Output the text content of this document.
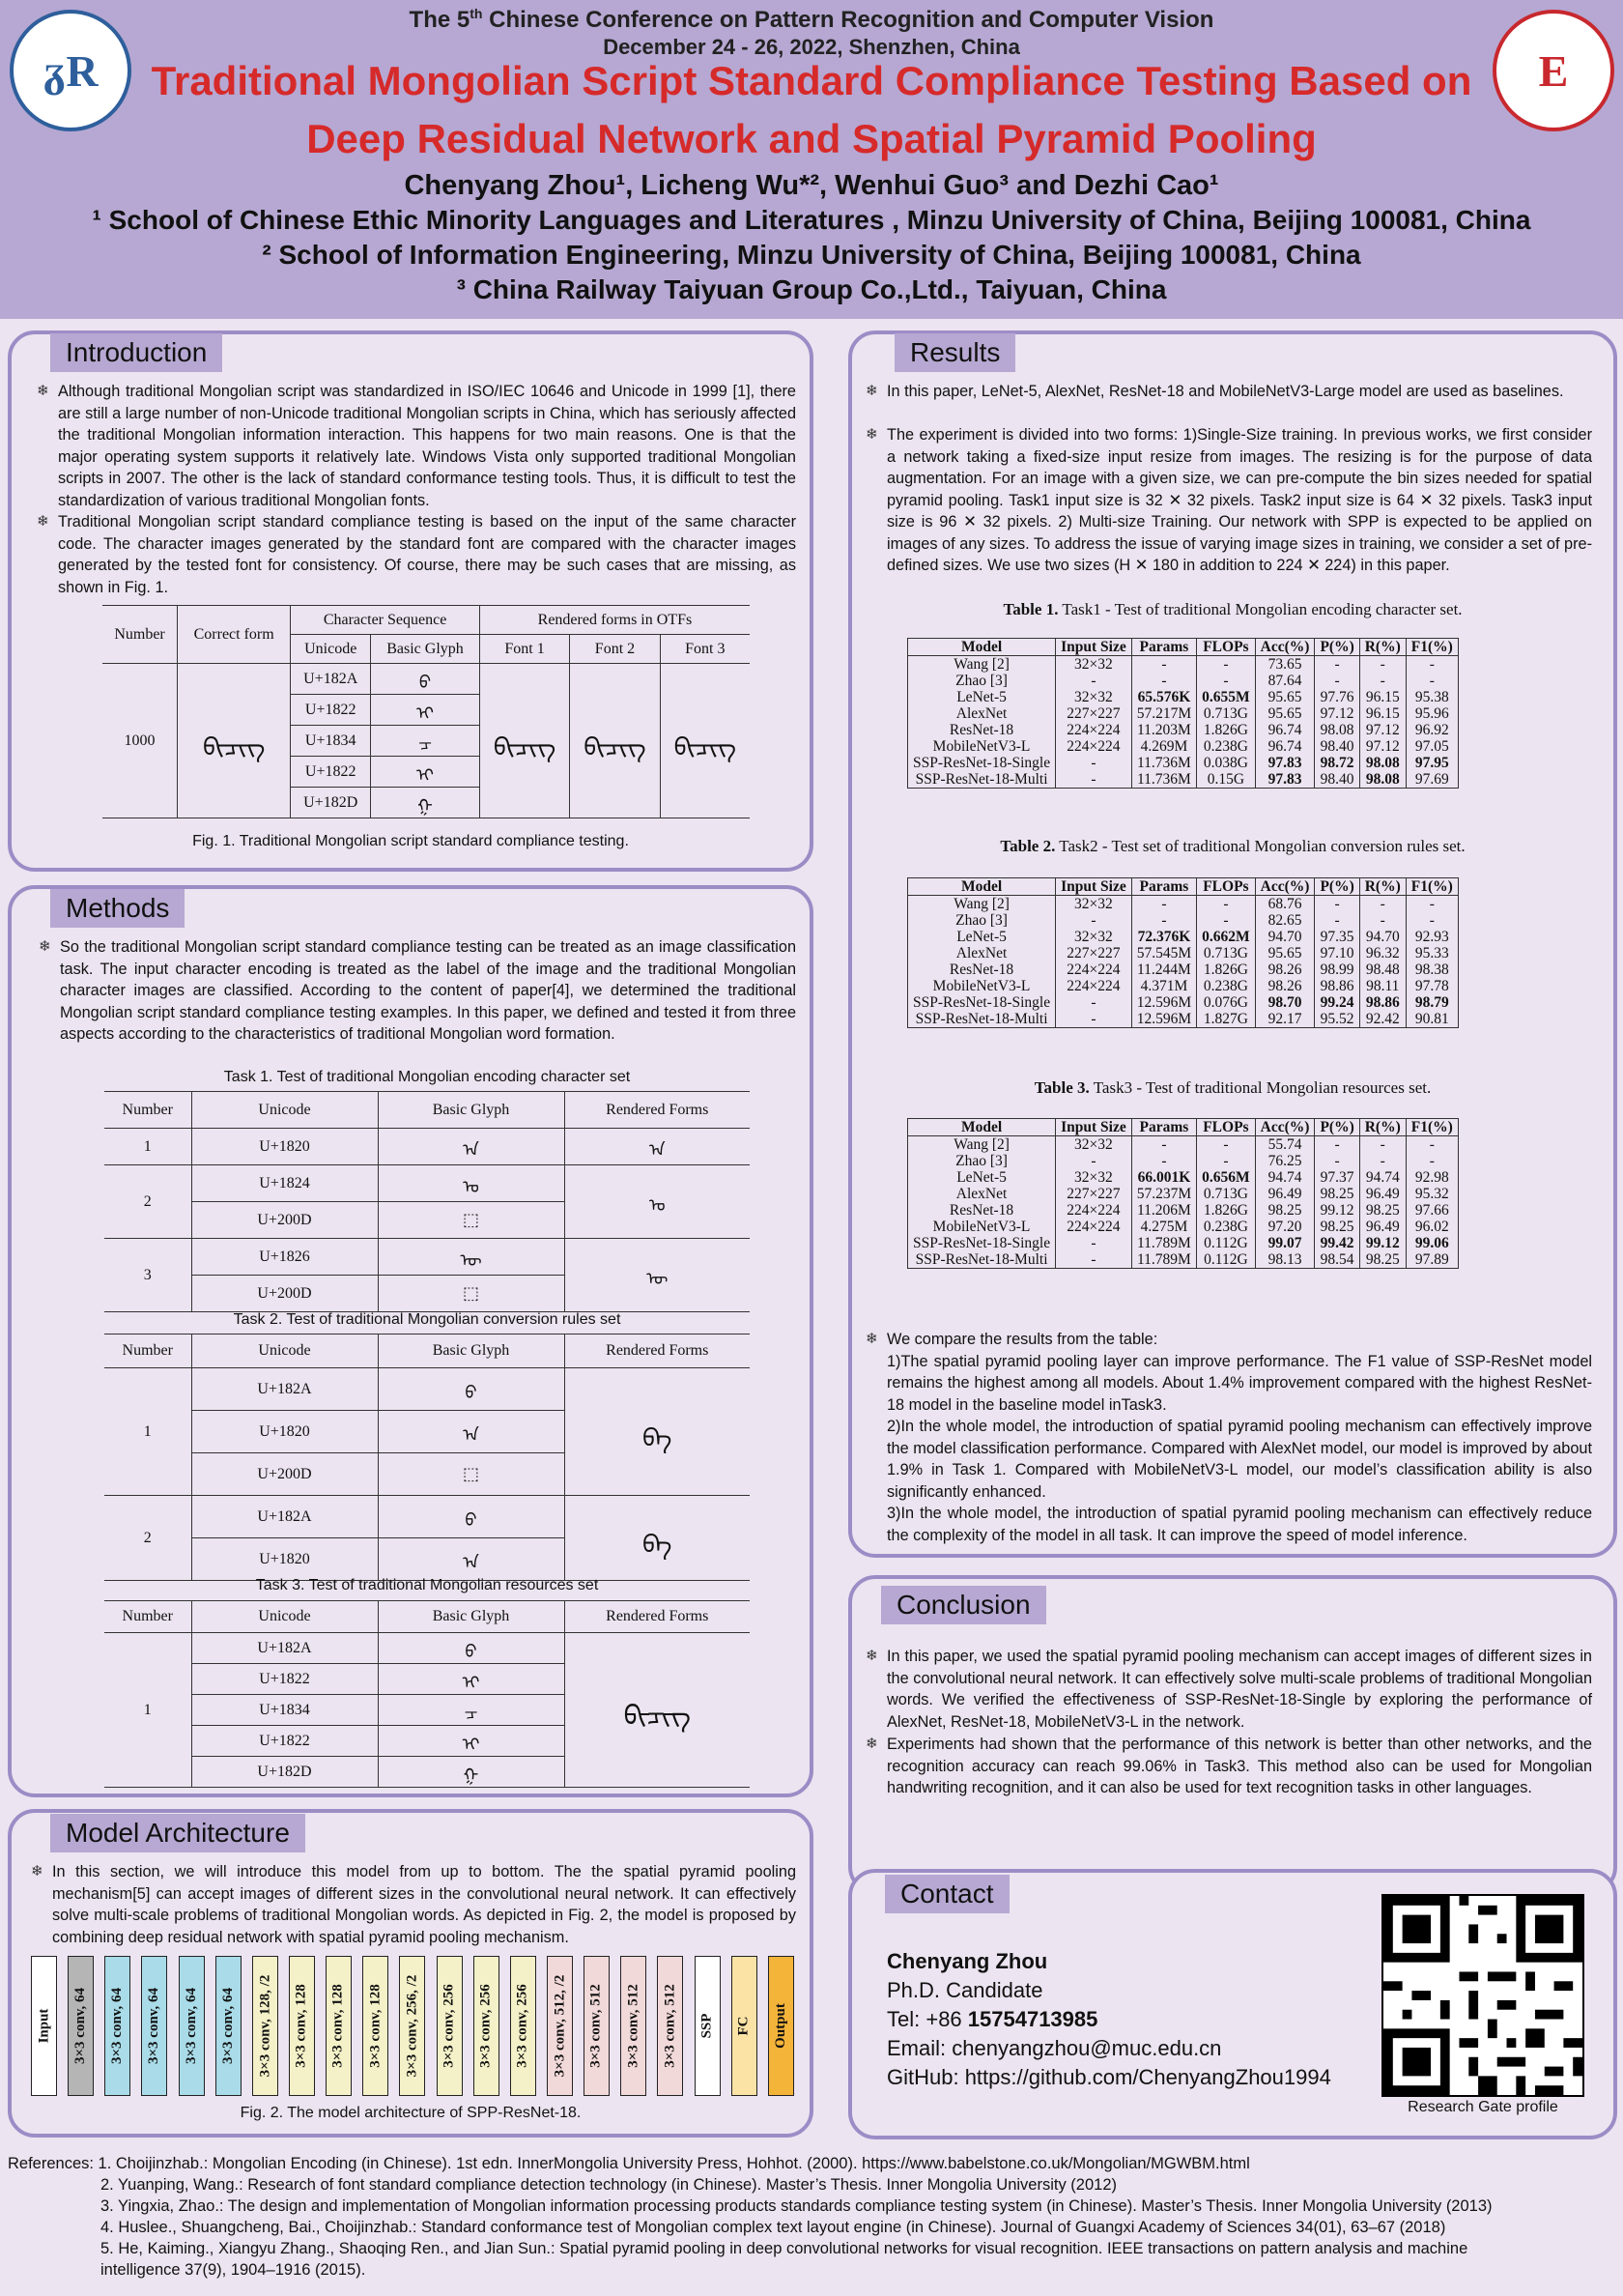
ᵹR	E
The 5th Chinese Conference on Pattern Recognition and Computer Vision
December 24 - 26, 2022, Shenzhen, China
Traditional Mongolian Script Standard Compliance Testing Based on
Deep Residual Network and Spatial Pyramid Pooling
Chenyang Zhou¹, Licheng Wu*², Wenhui Guo³ and Dezhi Cao¹
¹ School of Chinese Ethic Minority Languages and Literatures , Minzu University of China, Beijing 100081, China
² School of Information Engineering, Minzu University of China, Beijing 100081, China
³ China Railway Taiyuan Group Co.,Ltd., Taiyuan, China
Introduction
❄ Although traditional Mongolian script was standardized in ISO/IEC 10646 and Unicode in 1999 [1], there are still a large number of non-Unicode traditional Mongolian scripts in China, which has seriously affected the traditional Mongolian information interaction. This happens for two main reasons. One is that the major operating system supports it relatively late. Windows Vista only supported traditional Mongolian scripts in 2007. The other is the lack of standard conformance testing tools. Thus, it is difficult to test the standardization of various traditional Mongolian fonts.
❄ Traditional Mongolian script standard compliance testing is based on the input of the same character code. The character images generated by the standard font are compared with the character images generated by the tested font for consistency. Of course, there may be such cases that are missing, as shown in Fig. 1.
Number	Correct form	Character Sequence		Rendered forms in OTFs		
		Unicode	Basic Glyph	Font 1	Font 2	Font 3
1000	ᠪᠢᠴᠢᠭ	U+182A	ᠪ	ᠪᠢᠴᠢᠭ	ᠪᠢᠴᠢᠭ	ᠪᠢᠴᠢᠭ
		U+1822	ᠢ			
		U+1834	ᠴ			
		U+1822	ᠢ			
		U+182D	ᠭ			
Fig. 1. Traditional Mongolian script standard compliance testing.
Methods
❄ So the traditional Mongolian script standard compliance testing can be treated as an image classification task. The input character encoding is treated as the label of the image and the traditional Mongolian character images are classified. According to the content of paper[4], we determined the traditional Mongolian script standard compliance testing examples. In this paper, we defined and tested it from three aspects according to the characteristics of traditional Mongolian word formation.
Task 1. Test of traditional Mongolian encoding character set
Number	Unicode	Basic Glyph	Rendered Forms
1	U+1820	ᠠ	ᠠ
2	U+1824	ᠤ	ᠤ
	U+200D	⬚	
3	U+1826	ᠦ	ᠦ
	U+200D	⬚	
Task 2. Test of traditional Mongolian conversion rules set
Number	Unicode	Basic Glyph	Rendered Forms
1	U+182A	ᠪ	ᠪᠠ
	U+1820	ᠠ	
	U+200D	⬚	
2	U+182A	ᠪ	ᠪᠠ
	U+1820	ᠠ	
Task 3. Test of traditional Mongolian resources set
Number	Unicode	Basic Glyph	Rendered Forms
1	U+182A	ᠪ	ᠪᠢᠴᠢᠭ
	U+1822	ᠢ	
	U+1834	ᠴ	
	U+1822	ᠢ	
	U+182D	ᠭ	
Model Architecture
❄ In this section, we will introduce this model from up to bottom. The the spatial pyramid pooling mechanism[5] can accept images of different sizes in the convolutional neural network. It can effectively solve multi-scale problems of traditional Mongolian words. As depicted in Fig. 2, the model is proposed by combining deep residual network with spatial pyramid pooling mechanism.
Input 3×3 conv, 64 3×3 conv, 64 3×3 conv, 64 3×3 conv, 64 3×3 conv, 64 3×3 conv, 128, /2 3×3 conv, 128 3×3 conv, 128 3×3 conv, 128 3×3 conv, 256, /2 3×3 conv, 256 3×3 conv, 256 3×3 conv, 256 3×3 conv, 512, /2 3×3 conv, 512 3×3 conv, 512 3×3 conv, 512 SSP FC Output
Fig. 2. The model architecture of SPP-ResNet-18.
Results
❄ In this paper, LeNet-5, AlexNet, ResNet-18 and MobileNetV3-Large model are used as baselines.
❄ The experiment is divided into two forms: 1)Single-Size training. In previous works, we first consider a network taking a fixed-size input resize from images. The resizing is for the purpose of data augmentation. For an image with a given size, we can pre-compute the bin sizes needed for spatial pyramid pooling. Task1 input size is 32 ✕ 32 pixels. Task2 input size is 64 ✕ 32 pixels. Task3 input size is 96 ✕ 32 pixels. 2) Multi-size Training. Our network with SPP is expected to be applied on images of any sizes. To address the issue of varying image sizes in training, we consider a set of pre-defined sizes. We use two sizes (H ✕ 180 in addition to 224 ✕ 224) in this paper.
Table 1. Task1 - Test of traditional Mongolian encoding character set.
Model	Input Size	Params	FLOPs	Acc(%)	P(%)	R(%)	F1(%)
Wang [2]	32×32	-	-	73.65	-	-	-
Zhao [3]	-	-	-	87.64	-	-	-
LeNet-5	32×32	65.576K	0.655M	95.65	97.76	96.15	95.38
AlexNet	227×227	57.217M	0.713G	95.65	97.12	96.15	95.96
ResNet-18	224×224	11.203M	1.826G	96.74	98.08	97.12	96.92
MobileNetV3-L	224×224	4.269M	0.238G	96.74	98.40	97.12	97.05
SSP-ResNet-18-Single	-	11.736M	0.038G	97.83	98.72	98.08	97.95
SSP-ResNet-18-Multi	-	11.736M	0.15G	97.83	98.40	98.08	97.69
Table 2. Task2 - Test set of traditional Mongolian conversion rules set.
Model	Input Size	Params	FLOPs	Acc(%)	P(%)	R(%)	F1(%)
Wang [2]	32×32	-	-	68.76	-	-	-
Zhao [3]	-	-	-	82.65	-	-	-
LeNet-5	32×32	72.376K	0.662M	94.70	97.35	94.70	92.93
AlexNet	227×227	57.545M	0.713G	95.65	97.10	96.32	95.33
ResNet-18	224×224	11.244M	1.826G	98.26	98.99	98.48	98.38
MobileNetV3-L	224×224	4.371M	0.238G	98.26	98.86	98.11	97.78
SSP-ResNet-18-Single	-	12.596M	0.076G	98.70	99.24	98.86	98.79
SSP-ResNet-18-Multi	-	12.596M	1.827G	92.17	95.52	92.42	90.81
Table 3. Task3 - Test of traditional Mongolian resources set.
Model	Input Size	Params	FLOPs	Acc(%)	P(%)	R(%)	F1(%)
Wang [2]	32×32	-	-	55.74	-	-	-
Zhao [3]	-	-	-	76.25	-	-	-
LeNet-5	32×32	66.001K	0.656M	94.74	97.37	94.74	92.98
AlexNet	227×227	57.237M	0.713G	96.49	98.25	96.49	95.32
ResNet-18	224×224	11.206M	1.826G	98.25	99.12	98.25	97.66
MobileNetV3-L	224×224	4.275M	0.238G	97.20	98.25	96.49	96.02
SSP-ResNet-18-Single	-	11.789M	0.112G	99.07	99.42	99.12	99.06
SSP-ResNet-18-Multi	-	11.789M	0.112G	98.13	98.54	98.25	97.89
❄ We compare the results from the table:
1)The spatial pyramid pooling layer can improve performance. The F1 value of SSP-ResNet model remains the highest among all models. About 1.4% improvement compared with the highest ResNet-18 model in the baseline model inTask3.
2)In the whole model, the introduction of spatial pyramid pooling mechanism can effectively improve the model classification performance. Compared with AlexNet model, our model is improved by about 1.9% in Task 1. Compared with MobileNetV3-L model, our model’s classification ability is also significantly enhanced.
3)In the whole model, the introduction of spatial pyramid pooling mechanism can effectively reduce the complexity of the model in all task. It can improve the speed of model inference.
Conclusion
❄ In this paper, we used the spatial pyramid pooling mechanism can accept images of different sizes in the convolutional neural network. It can effectively solve multi-scale problems of traditional Mongolian words. We verified the effectiveness of SSP-ResNet-18-Single by exploring the performance of AlexNet, ResNet-18, MobileNetV3-L in the network.
❄ Experiments had shown that the performance of this network is better than other networks, and the recognition accuracy can reach 99.06% in Task3. This method also can be used for Mongolian handwriting recognition, and it can also be used for text recognition tasks in other languages.
Contact
Chenyang Zhou
Ph.D. Candidate
Tel: +86 15754713985
Email: chenyangzhou@muc.edu.cn
GitHub: https://github.com/ChenyangZhou1994
Research Gate profile
References: 1. Choijinzhab.: Mongolian Encoding (in Chinese). 1st edn. InnerMongolia University Press, Hohhot. (2000). https://www.babelstone.co.uk/Mongolian/MGWBM.html
2. Yuanping, Wang.: Research of font standard compliance detection technology (in Chinese). Master’s Thesis. Inner Mongolia University (2012)
3. Yingxia, Zhao.: The design and implementation of Mongolian information processing products standards compliance testing system (in Chinese). Master’s Thesis. Inner Mongolia University (2013)
4. Huslee., Shuangcheng, Bai., Choijinzhab.: Standard conformance test of Mongolian complex text layout engine (in Chinese). Journal of Guangxi Academy of Sciences 34(01), 63–67 (2018)
5. He, Kaiming., Xiangyu Zhang., Shaoqing Ren., and Jian Sun.: Spatial pyramid pooling in deep convolutional networks for visual recognition. IEEE transactions on pattern analysis and machine
intelligence 37(9), 1904–1916 (2015).
